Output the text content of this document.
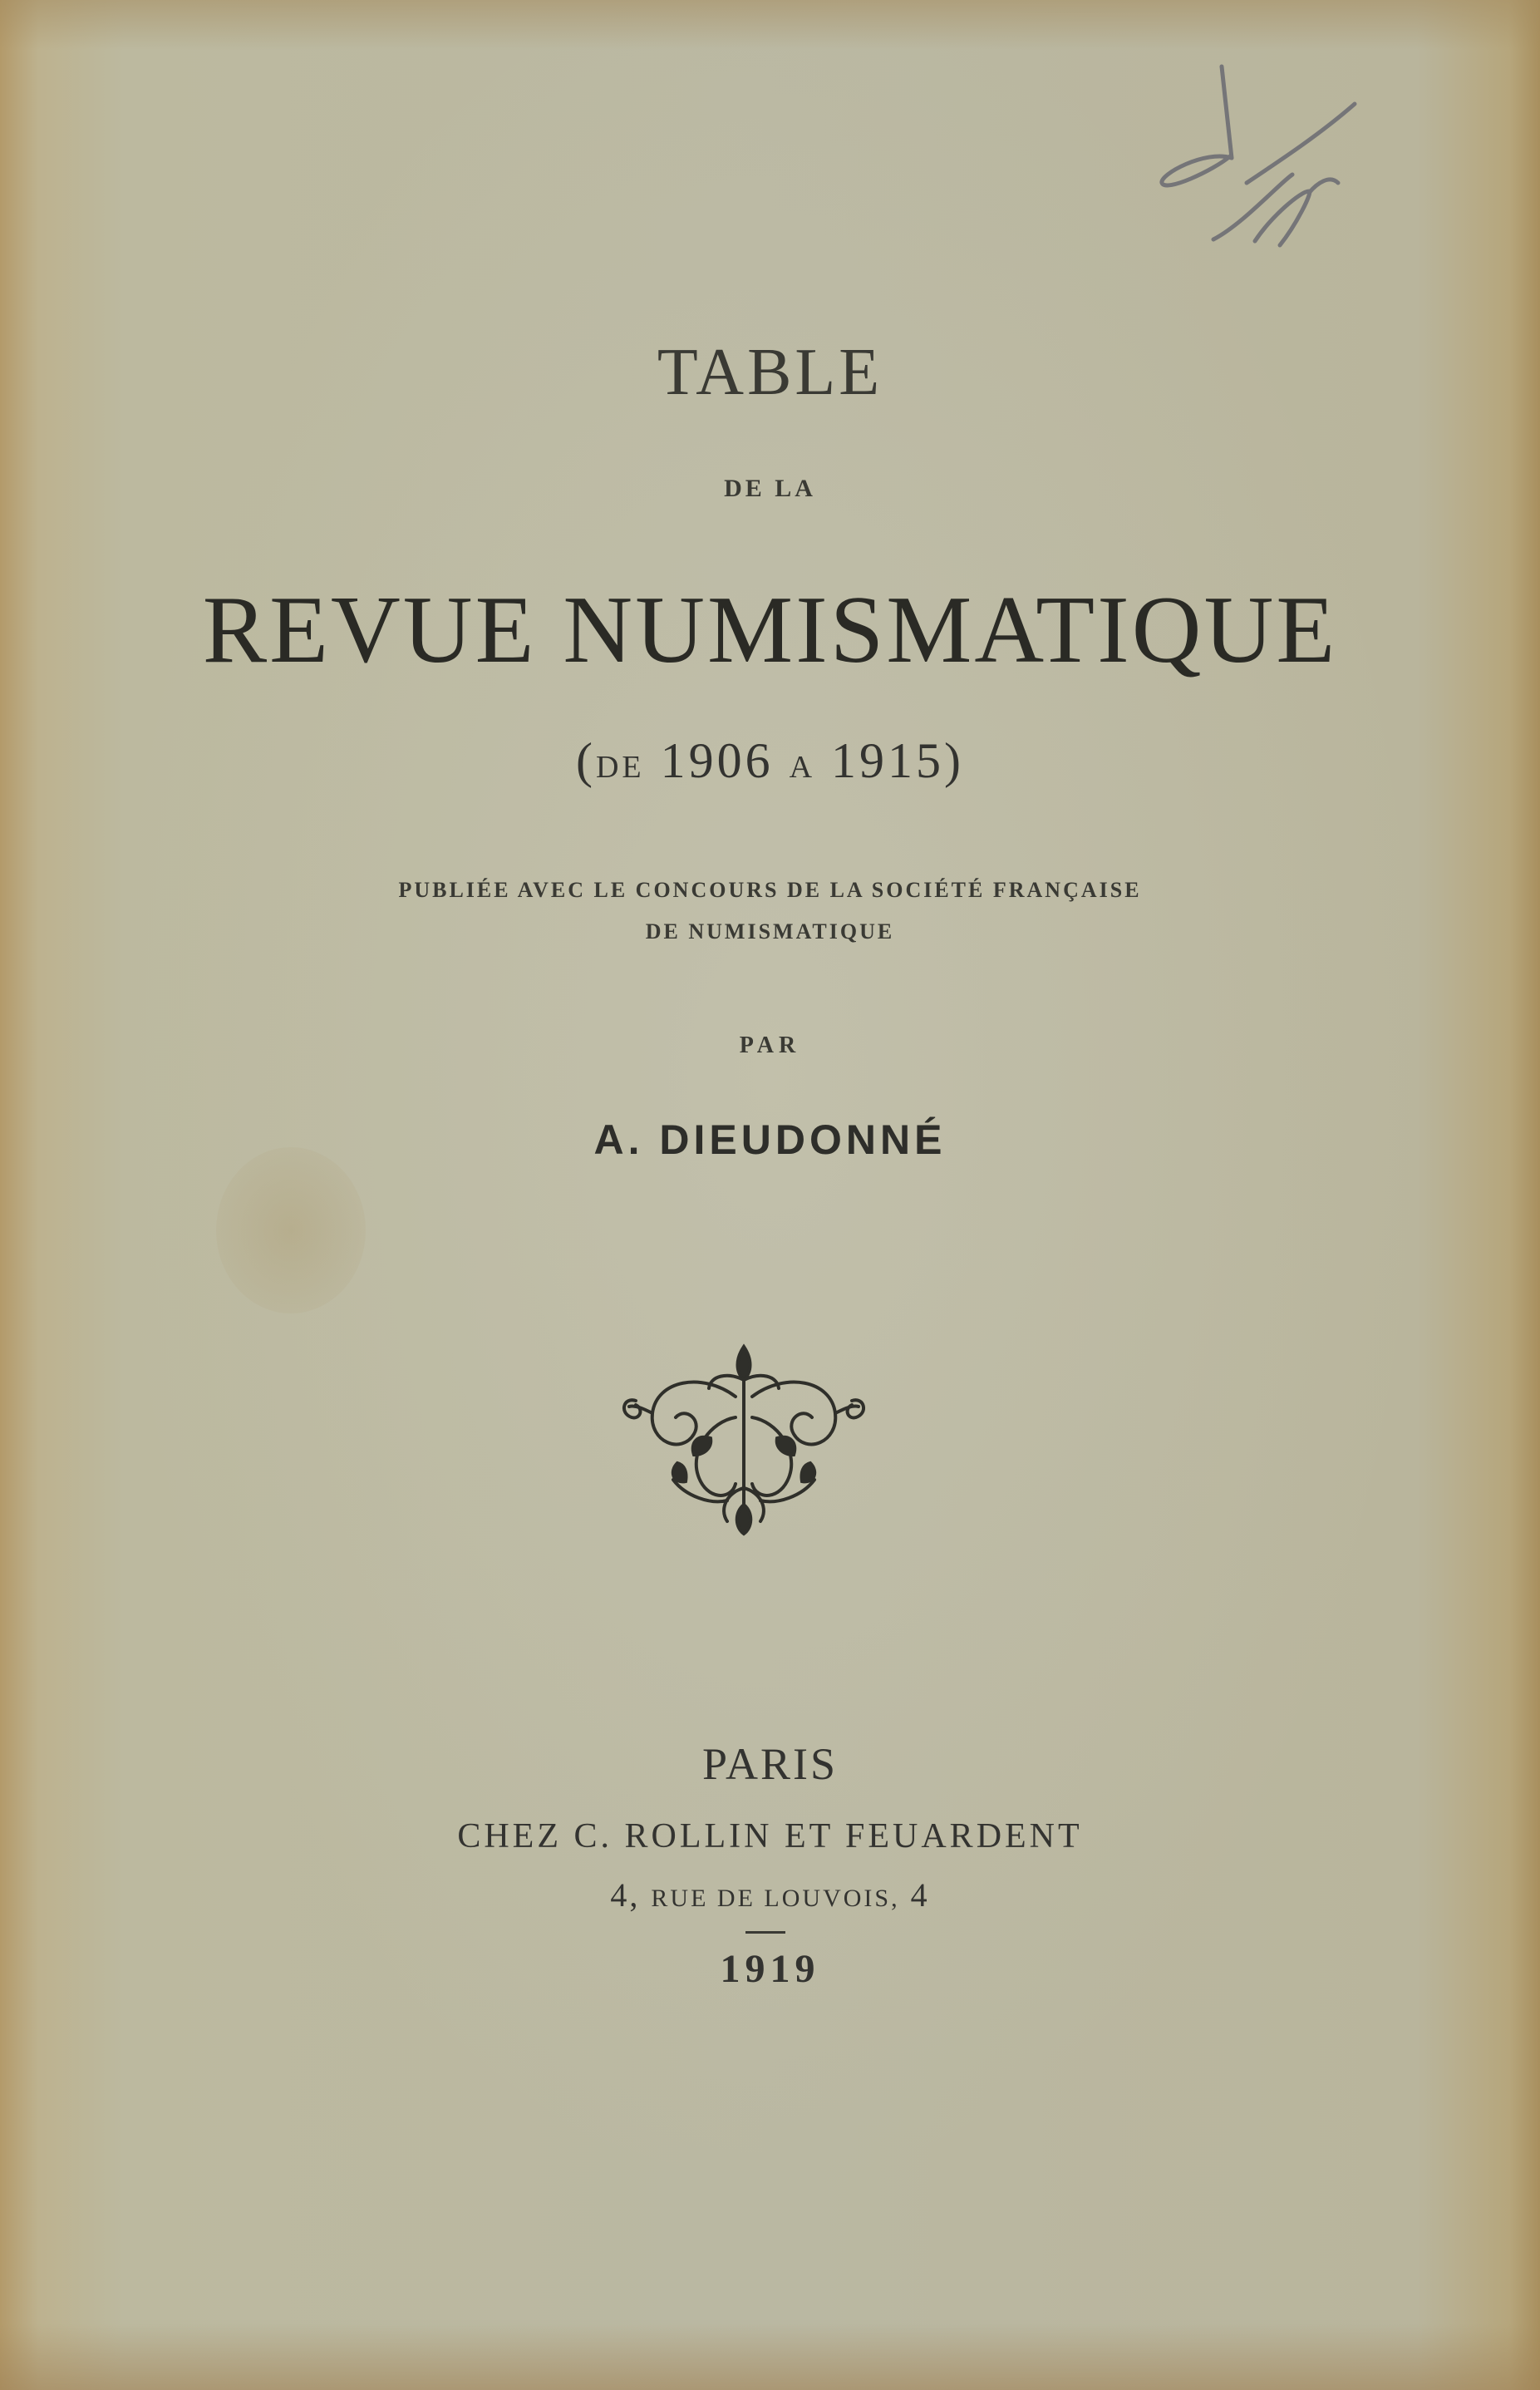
TABLE

DE LA

REVUE NUMISMATIQUE

(DE 1906 A 1915)

PUBLIÉE AVEC LE CONCOURS DE LA SOCIÉTÉ FRANÇAISE

DE NUMISMATIQUE

PAR

A. DIEUDONNÉ

PARIS

CHEZ C. ROLLIN ET FEUARDENT

4, RUE DE LOUVOIS, 4

1919
